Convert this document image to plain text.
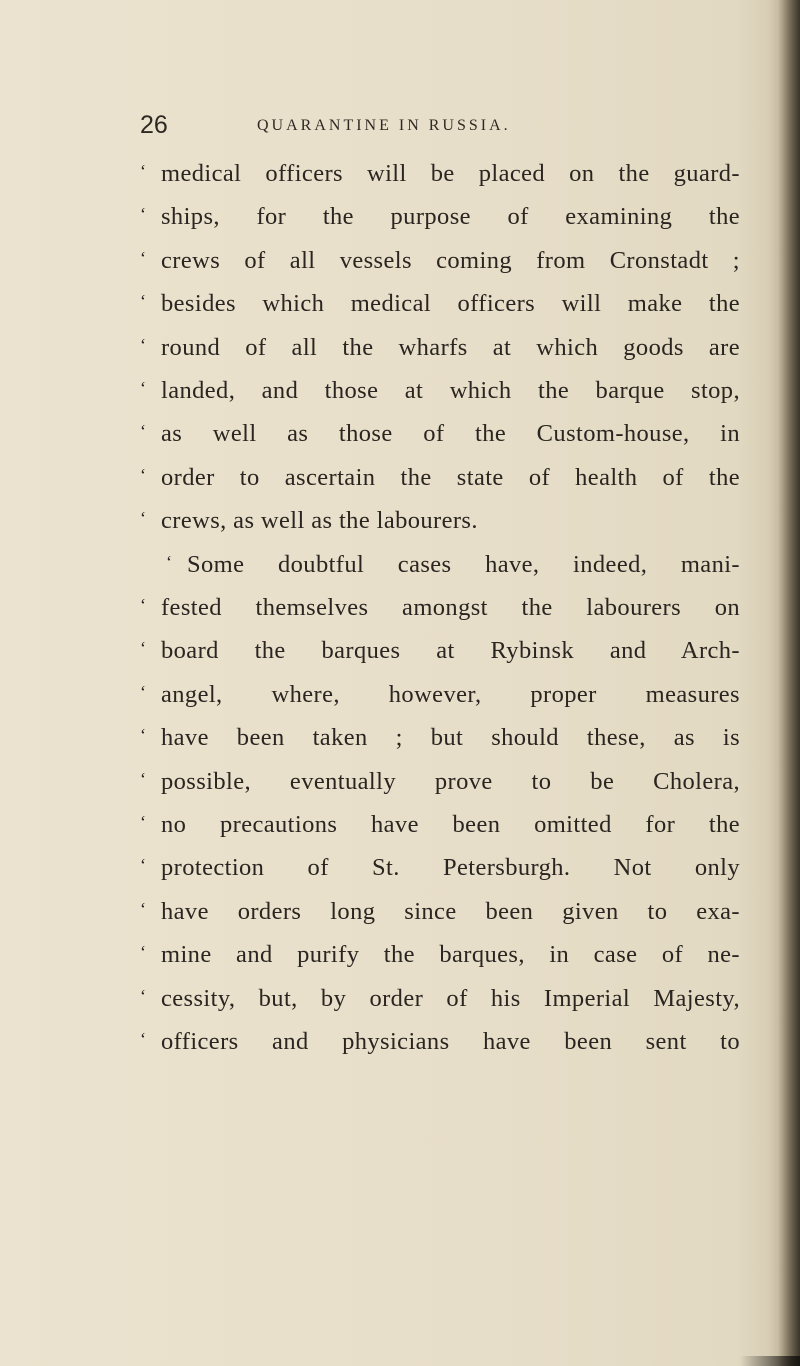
26	QUARANTINE IN RUSSIA.
‘ medical officers will be placed on the guard-
‘ ships, for the purpose of examining the
‘ crews of all vessels coming from Cronstadt ;
‘ besides which medical officers will make the
‘ round of all the wharfs at which goods are
‘ landed, and those at which the barque stop,
‘ as well as those of the Custom-house, in
‘ order to ascertain the state of health of the
‘ crews, as well as the labourers.
‘ Some doubtful cases have, indeed, mani-
‘ fested themselves amongst the labourers on
‘ board the barques at Rybinsk and Arch-
‘ angel, where, however, proper measures
‘ have been taken ; but should these, as is
‘ possible, eventually prove to be Cholera,
‘ no precautions have been omitted for the
‘ protection of St. Petersburgh. Not only
‘ have orders long since been given to exa-
‘ mine and purify the barques, in case of ne-
‘ cessity, but, by order of his Imperial Majesty,
‘ officers and physicians have been sent to
